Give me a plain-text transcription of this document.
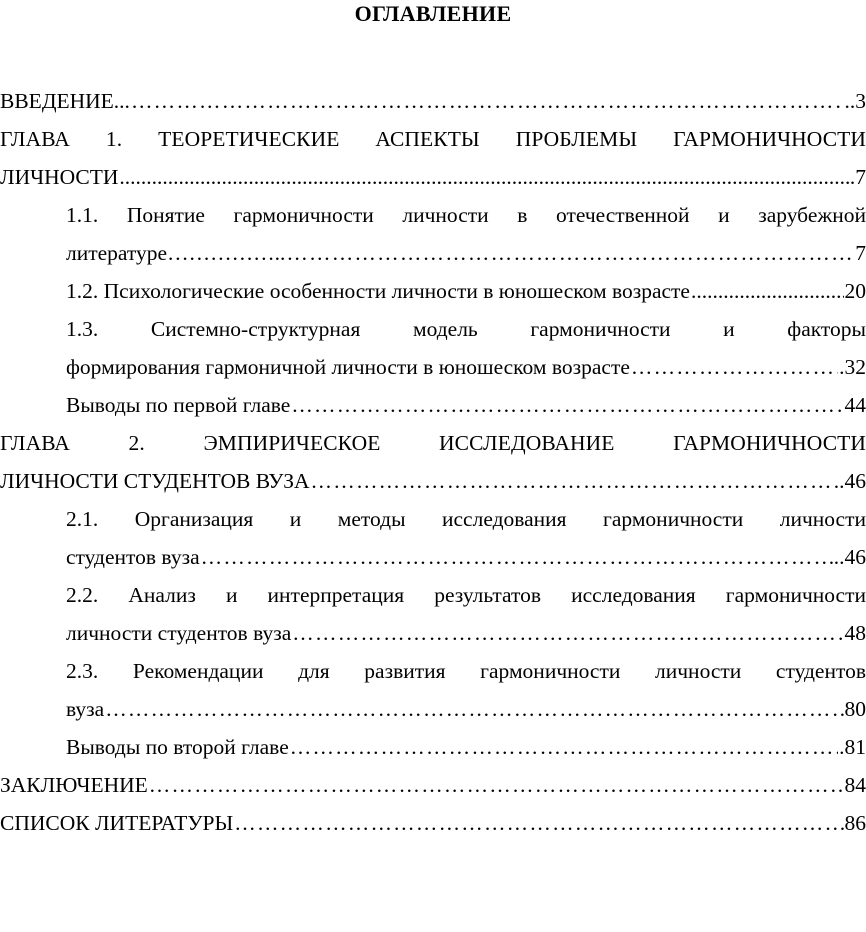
ОГЛАВЛЕНИЕ
ВВЕДЕНИЕ... …………………………………………………………………………………………………………………………………………………………………………………………	..3
ГЛАВА 1. ТЕОРЕТИЧЕСКИЕ АСПЕКТЫ ПРОБЛЕМЫ ГАРМОНИЧНОСТИ
ЛИЧНОСТИ .....	.7
1.1. Понятие гармоничности личности в отечественной и зарубежной
литературе…………….. …………………………………………………………………………………………………………………………………………………………………………………………	7
1.2. Психологические особенности личности в юношеском возрасте .....	20
1.3. Системно-структурная модель гармоничности и факторы
формирования гармоничной личности в юношеском возрасте …………………………………………………………………………………………………………………………………………………………………………………………	.32
Выводы по первой главе …………………………………………………………………………………………………………………………………………………………………………………………	44
ГЛАВА 2. ЭМПИРИЧЕСКОЕ ИССЛЕДОВАНИЕ ГАРМОНИЧНОСТИ
ЛИЧНОСТИ СТУДЕНТОВ ВУЗА …………………………………………………………………………………………………………………………………………………………………………………………	..46
2.1. Организация и методы исследования гармоничности личности
студентов вуза …………………………………………………………………………………………………………………………………………………………………………………………	..46
2.2. Анализ и интерпретация результатов исследования гармоничности
личности студентов вуза …………………………………………………………………………………………………………………………………………………………………………………………	48
2.3. Рекомендации для развития гармоничности личности студентов
вуза …………………………………………………………………………………………………………………………………………………………………………………………	80
Выводы по второй главе …………………………………………………………………………………………………………………………………………………………………………………………	.81
ЗАКЛЮЧЕНИЕ …………………………………………………………………………………………………………………………………………………………………………………………	84
СПИСОК ЛИТЕРАТУРЫ …………………………………………………………………………………………………………………………………………………………………………………………	86
